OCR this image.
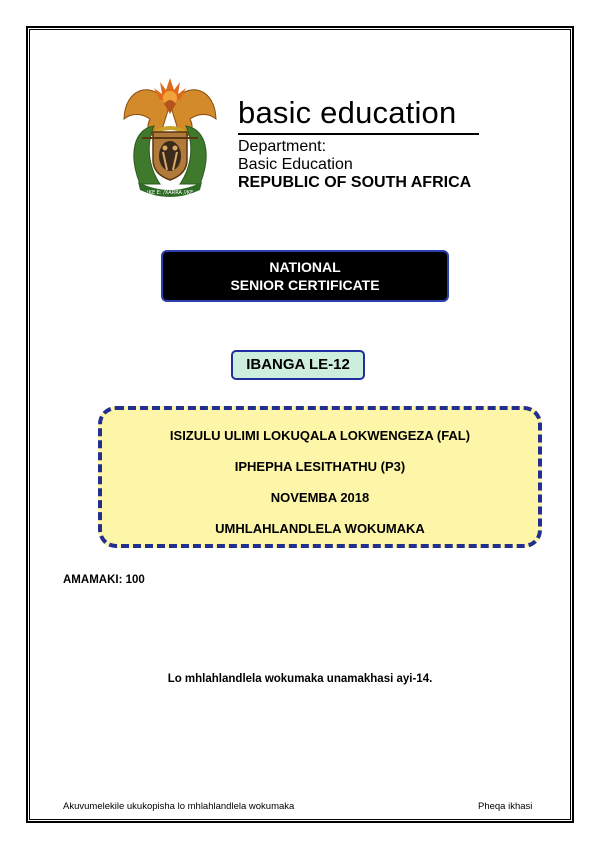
!KE E: /XARRA //KE
basic education
Department:
Basic Education
REPUBLIC OF SOUTH AFRICA
NATIONAL
SENIOR CERTIFICATE
IBANGA LE-12
ISIZULU ULIMI LOKUQALA LOKWENGEZA (FAL)
IPHEPHA LESITHATHU (P3)
NOVEMBA 2018
UMHLAHLANDLELA WOKUMAKA
AMAMAKI: 100
Lo mhlahlandlela wokumaka unamakhasi ayi-14.
Akuvumelekile ukukopisha lo mhlahlandlela wokumaka	Pheqa ikhasi
